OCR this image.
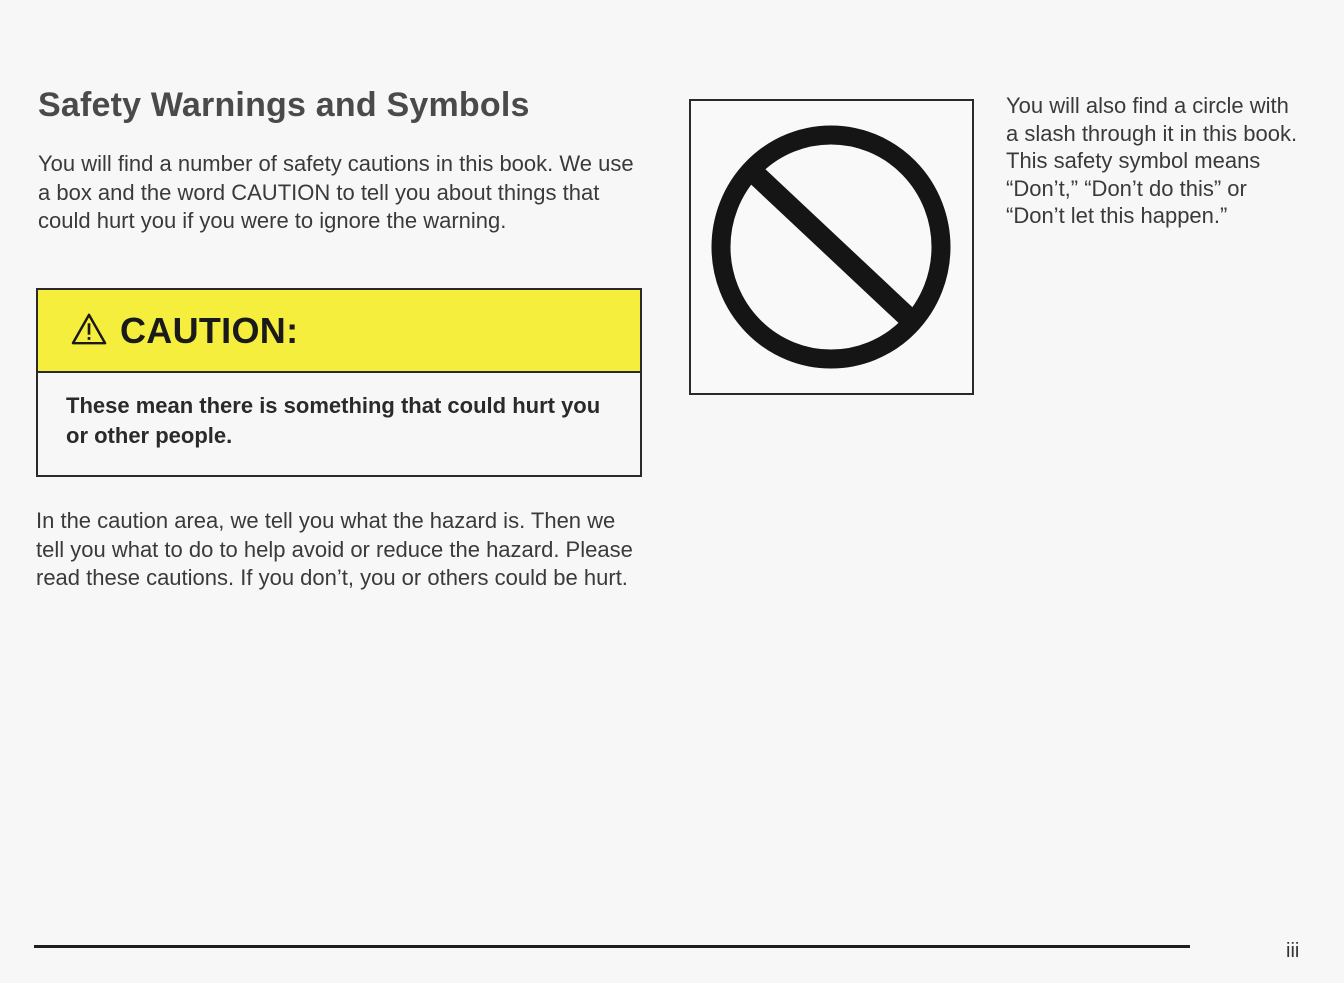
Safety Warnings and Symbols

You will find a number of safety cautions in this book. We use a box and the word CAUTION to tell you about things that could hurt you if you were to ignore the warning.

CAUTION:

These mean there is something that could hurt you or other people.

In the caution area, we tell you what the hazard is. Then we tell you what to do to help avoid or reduce the hazard. Please read these cautions. If you don’t, you or others could be hurt.

You will also find a circle with a slash through it in this book. This safety symbol means “Don’t,” “Don’t do this” or “Don’t let this happen.”

iii
